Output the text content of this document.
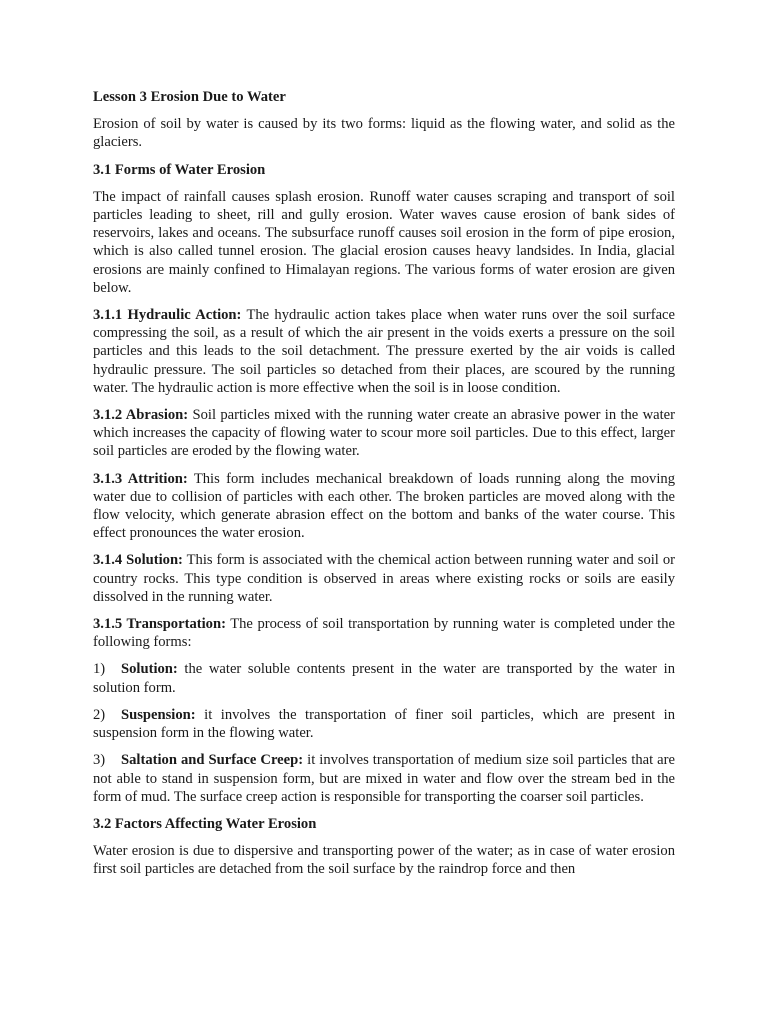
Lesson 3 Erosion Due to Water

Erosion of soil by water is caused by its two forms: liquid as the flowing water, and solid as the glaciers.

3.1 Forms of Water Erosion

The impact of rainfall causes splash erosion. Runoff water causes scraping and transport of soil particles leading to sheet, rill and gully erosion. Water waves cause erosion of bank sides of reservoirs, lakes and oceans. The subsurface runoff causes soil erosion in the form of pipe erosion, which is also called tunnel erosion. The glacial erosion causes heavy landsides. In India, glacial erosions are mainly confined to Himalayan regions. The various forms of water erosion are given below.

3.1.1 Hydraulic Action: The hydraulic action takes place when water runs over the soil surface compressing the soil, as a result of which the air present in the voids exerts a pressure on the soil particles and this leads to the soil detachment. The pressure exerted by the air voids is called hydraulic pressure. The soil particles so detached from their places, are scoured by the running water. The hydraulic action is more effective when the soil is in loose condition.

3.1.2 Abrasion: Soil particles mixed with the running water create an abrasive power in the water which increases the capacity of flowing water to scour more soil particles. Due to this effect, larger soil particles are eroded by the flowing water.

3.1.3 Attrition: This form includes mechanical breakdown of loads running along the moving water due to collision of particles with each other. The broken particles are moved along with the flow velocity, which generate abrasion effect on the bottom and banks of the water course. This effect pronounces the water erosion.

3.1.4 Solution: This form is associated with the chemical action between running water and soil or country rocks. This type condition is observed in areas where existing rocks or soils are easily dissolved in the running water.

3.1.5 Transportation: The process of soil transportation by running water is completed under the following forms:

1) Solution: the water soluble contents present in the water are transported by the water in solution form.

2) Suspension: it involves the transportation of finer soil particles, which are present in suspension form in the flowing water.

3) Saltation and Surface Creep: it involves transportation of medium size soil particles that are not able to stand in suspension form, but are mixed in water and flow over the stream bed in the form of mud. The surface creep action is responsible for transporting the coarser soil particles.

3.2 Factors Affecting Water Erosion

Water erosion is due to dispersive and transporting power of the water; as in case of water erosion first soil particles are detached from the soil surface by the raindrop force and then
